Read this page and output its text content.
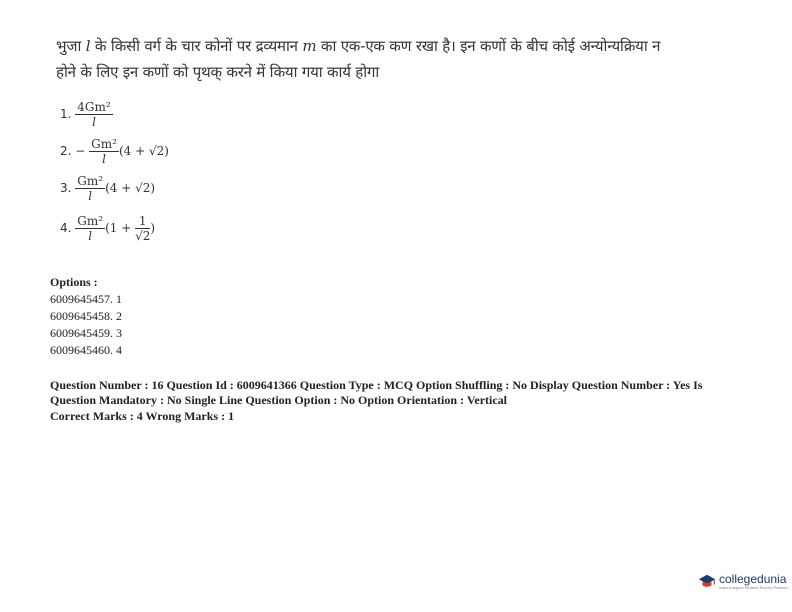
भुजा l के किसी वर्ग के चार कोनों पर द्रव्यमान m का एक-एक कण रखा है। इन कणों के बीच कोई अन्योन्यक्रिया न
होने के लिए इन कणों को पृथक् करने में किया गया कार्य होगा
1. $\frac{\text{4Gm²}}{l}$
2. − $\frac{\text{Gm²}}{l} (4 + √2)$
3. $\frac{\text{Gm²}}{l} (4 + √2)$
4. $\frac{\text{Gm²}}{l} (1 + \frac{1}{√2}$ )
Options :
6009645457. 1
6009645458. 2
6009645459. 3
6009645460. 4
Question Number : 16 Question Id : 6009641366 Question Type : MCQ Option Shuffling : No Display Question Number : Yes Is
Question Mandatory : No Single Line Question Option : No Option Orientation : Vertical
Correct Marks : 4 Wrong Marks : 1
collegedunia
India's largest Student Review Platform
